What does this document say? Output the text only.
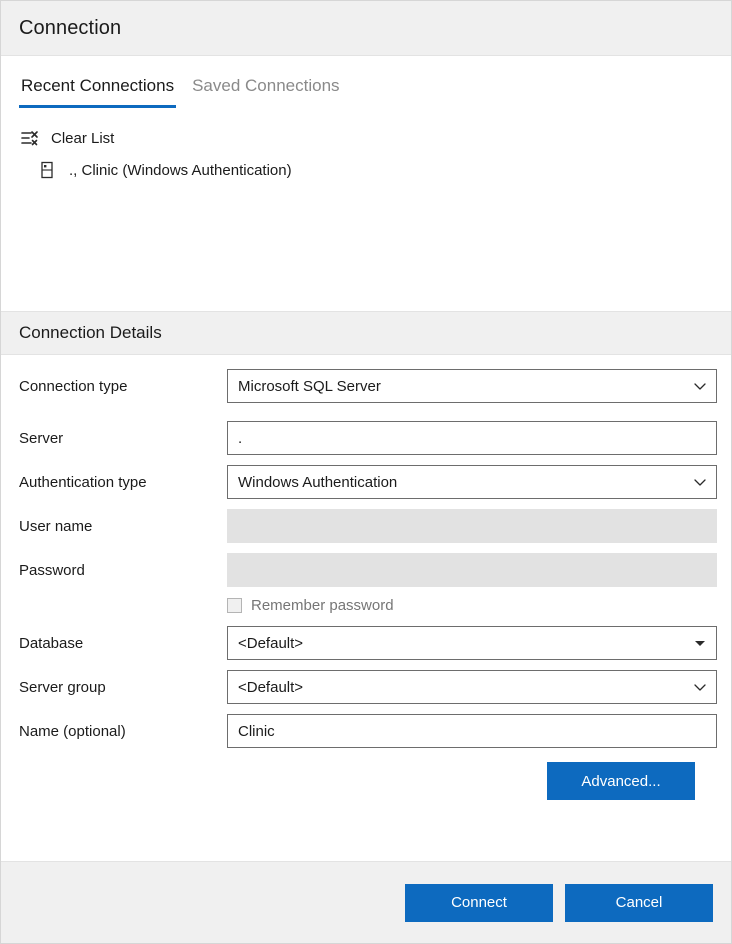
Connection
Recent Connections Saved Connections
Clear List
., Clinic (Windows Authentication)
Connection Details
Connection type	Microsoft SQL Server
Server	.
Authentication type	Windows Authentication
User name
Password
Remember password
Database	<Default>
Server group	<Default>
Name (optional)	Clinic
Advanced...
Connect	Cancel
